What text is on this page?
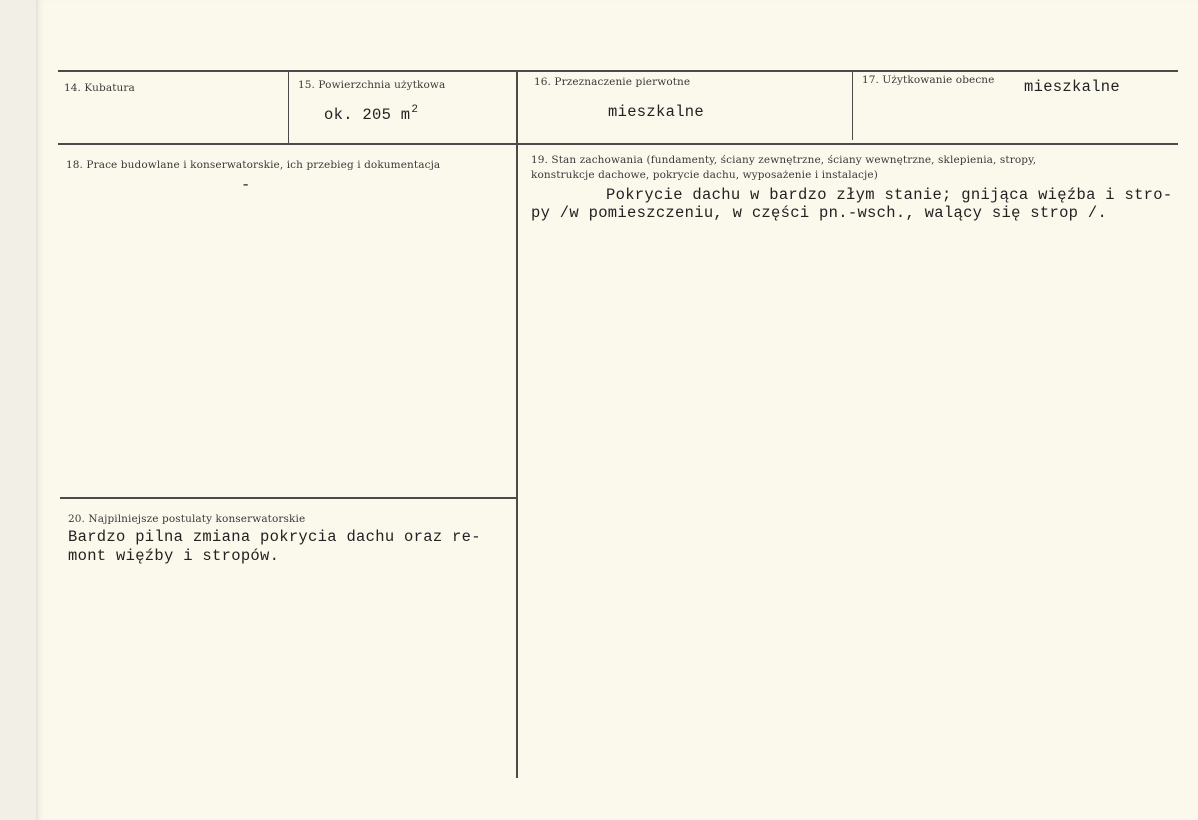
14. Kubatura	15. Powierzchnia użytkowa
ok. 205 $m^2$
16. Przeznaczenie pierwotne
mieszkalne
17. Użytkowanie obecne mieszkalne
18. Prace budowlane i konserwatorskie, ich przebieg i dokumentacja
-
19. Stan zachowania (fundamenty, ściany zewnętrzne, ściany wewnętrzne, sklepienia, stropy,
konstrukcje dachowe, pokrycie dachu, wyposażenie i instalacje)
Pokrycie dachu w bardzo złym stanie; gnijąca więźba i stro-
py /w pomieszczeniu, w części pn.-wsch., walący się strop /.
20. Najpilniejsze postulaty konserwatorskie
Bardzo pilna zmiana pokrycia dachu oraz re-
mont więźby i stropów.
